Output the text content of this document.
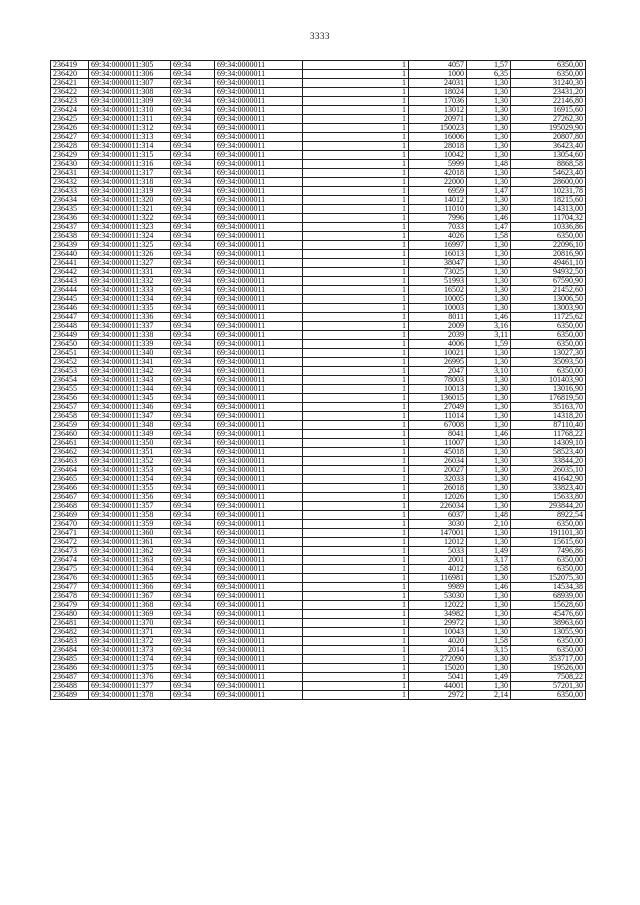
3333
236419	69:34:0000011:305	69:34	69:34:0000011	1	4057	1,57	6350,00
236420	69:34:0000011:306	69:34	69:34:0000011	1	1000	6,35	6350,00
236421	69:34:0000011:307	69:34	69:34:0000011	1	24031	1,30	31240,30
236422	69:34:0000011:308	69:34	69:34:0000011	1	18024	1,30	23431,20
236423	69:34:0000011:309	69:34	69:34:0000011	1	17036	1,30	22146,80
236424	69:34:0000011:310	69:34	69:34:0000011	1	13012	1,30	16915,60
236425	69:34:0000011:311	69:34	69:34:0000011	1	20971	1,30	27262,30
236426	69:34:0000011:312	69:34	69:34:0000011	1	150023	1,30	195029,90
236427	69:34:0000011:313	69:34	69:34:0000011	1	16006	1,30	20807,80
236428	69:34:0000011:314	69:34	69:34:0000011	1	28018	1,30	36423,40
236429	69:34:0000011:315	69:34	69:34:0000011	1	10042	1,30	13054,60
236430	69:34:0000011:316	69:34	69:34:0000011	1	5999	1,48	8868,58
236431	69:34:0000011:317	69:34	69:34:0000011	1	42018	1,30	54623,40
236432	69:34:0000011:318	69:34	69:34:0000011	1	22000	1,30	28600,00
236433	69:34:0000011:319	69:34	69:34:0000011	1	6959	1,47	10231,78
236434	69:34:0000011:320	69:34	69:34:0000011	1	14012	1,30	18215,60
236435	69:34:0000011:321	69:34	69:34:0000011	1	11010	1,30	14313,00
236436	69:34:0000011:322	69:34	69:34:0000011	1	7996	1,46	11704,32
236437	69:34:0000011:323	69:34	69:34:0000011	1	7033	1,47	10336,86
236438	69:34:0000011:324	69:34	69:34:0000011	1	4026	1,58	6350,00
236439	69:34:0000011:325	69:34	69:34:0000011	1	16997	1,30	22096,10
236440	69:34:0000011:326	69:34	69:34:0000011	1	16013	1,30	20816,90
236441	69:34:0000011:327	69:34	69:34:0000011	1	38047	1,30	49461,10
236442	69:34:0000011:331	69:34	69:34:0000011	1	73025	1,30	94932,50
236443	69:34:0000011:332	69:34	69:34:0000011	1	51993	1,30	67590,90
236444	69:34:0000011:333	69:34	69:34:0000011	1	16502	1,30	21452,60
236445	69:34:0000011:334	69:34	69:34:0000011	1	10005	1,30	13006,50
236446	69:34:0000011:335	69:34	69:34:0000011	1	10003	1,30	13003,90
236447	69:34:0000011:336	69:34	69:34:0000011	1	8011	1,46	11725,62
236448	69:34:0000011:337	69:34	69:34:0000011	1	2009	3,16	6350,00
236449	69:34:0000011:338	69:34	69:34:0000011	1	2039	3,11	6350,00
236450	69:34:0000011:339	69:34	69:34:0000011	1	4006	1,59	6350,00
236451	69:34:0000011:340	69:34	69:34:0000011	1	10021	1,30	13027,30
236452	69:34:0000011:341	69:34	69:34:0000011	1	26995	1,30	35093,50
236453	69:34:0000011:342	69:34	69:34:0000011	1	2047	3,10	6350,00
236454	69:34:0000011:343	69:34	69:34:0000011	1	78003	1,30	101403,90
236455	69:34:0000011:344	69:34	69:34:0000011	1	10013	1,30	13016,90
236456	69:34:0000011:345	69:34	69:34:0000011	1	136015	1,30	176819,50
236457	69:34:0000011:346	69:34	69:34:0000011	1	27049	1,30	35163,70
236458	69:34:0000011:347	69:34	69:34:0000011	1	11014	1,30	14318,20
236459	69:34:0000011:348	69:34	69:34:0000011	1	67008	1,30	87110,40
236460	69:34:0000011:349	69:34	69:34:0000011	1	8041	1,46	11768,22
236461	69:34:0000011:350	69:34	69:34:0000011	1	11007	1,30	14309,10
236462	69:34:0000011:351	69:34	69:34:0000011	1	45018	1,30	58523,40
236463	69:34:0000011:352	69:34	69:34:0000011	1	26034	1,30	33844,20
236464	69:34:0000011:353	69:34	69:34:0000011	1	20027	1,30	26035,10
236465	69:34:0000011:354	69:34	69:34:0000011	1	32033	1,30	41642,90
236466	69:34:0000011:355	69:34	69:34:0000011	1	26018	1,30	33823,40
236467	69:34:0000011:356	69:34	69:34:0000011	1	12026	1,30	15633,80
236468	69:34:0000011:357	69:34	69:34:0000011	1	226034	1,30	293844,20
236469	69:34:0000011:358	69:34	69:34:0000011	1	6037	1,48	8922,54
236470	69:34:0000011:359	69:34	69:34:0000011	1	3030	2,10	6350,00
236471	69:34:0000011:360	69:34	69:34:0000011	1	147001	1,30	191101,30
236472	69:34:0000011:361	69:34	69:34:0000011	1	12012	1,30	15615,60
236473	69:34:0000011:362	69:34	69:34:0000011	1	5033	1,49	7496,86
236474	69:34:0000011:363	69:34	69:34:0000011	1	2001	3,17	6350,00
236475	69:34:0000011:364	69:34	69:34:0000011	1	4012	1,58	6350,00
236476	69:34:0000011:365	69:34	69:34:0000011	1	116981	1,30	152075,30
236477	69:34:0000011:366	69:34	69:34:0000011	1	9989	1,46	14534,38
236478	69:34:0000011:367	69:34	69:34:0000011	1	53030	1,30	68939,00
236479	69:34:0000011:368	69:34	69:34:0000011	1	12022	1,30	15628,60
236480	69:34:0000011:369	69:34	69:34:0000011	1	34982	1,30	45476,60
236481	69:34:0000011:370	69:34	69:34:0000011	1	29972	1,30	38963,60
236482	69:34:0000011:371	69:34	69:34:0000011	1	10043	1,30	13055,90
236483	69:34:0000011:372	69:34	69:34:0000011	1	4020	1,58	6350,00
236484	69:34:0000011:373	69:34	69:34:0000011	1	2014	3,15	6350,00
236485	69:34:0000011:374	69:34	69:34:0000011	1	272090	1,30	353717,00
236486	69:34:0000011:375	69:34	69:34:0000011	1	15020	1,30	19526,00
236487	69:34:0000011:376	69:34	69:34:0000011	1	5041	1,49	7508,22
236488	69:34:0000011:377	69:34	69:34:0000011	1	44001	1,30	57201,30
236489	69:34:0000011:378	69:34	69:34:0000011	1	2972	2,14	6350,00
